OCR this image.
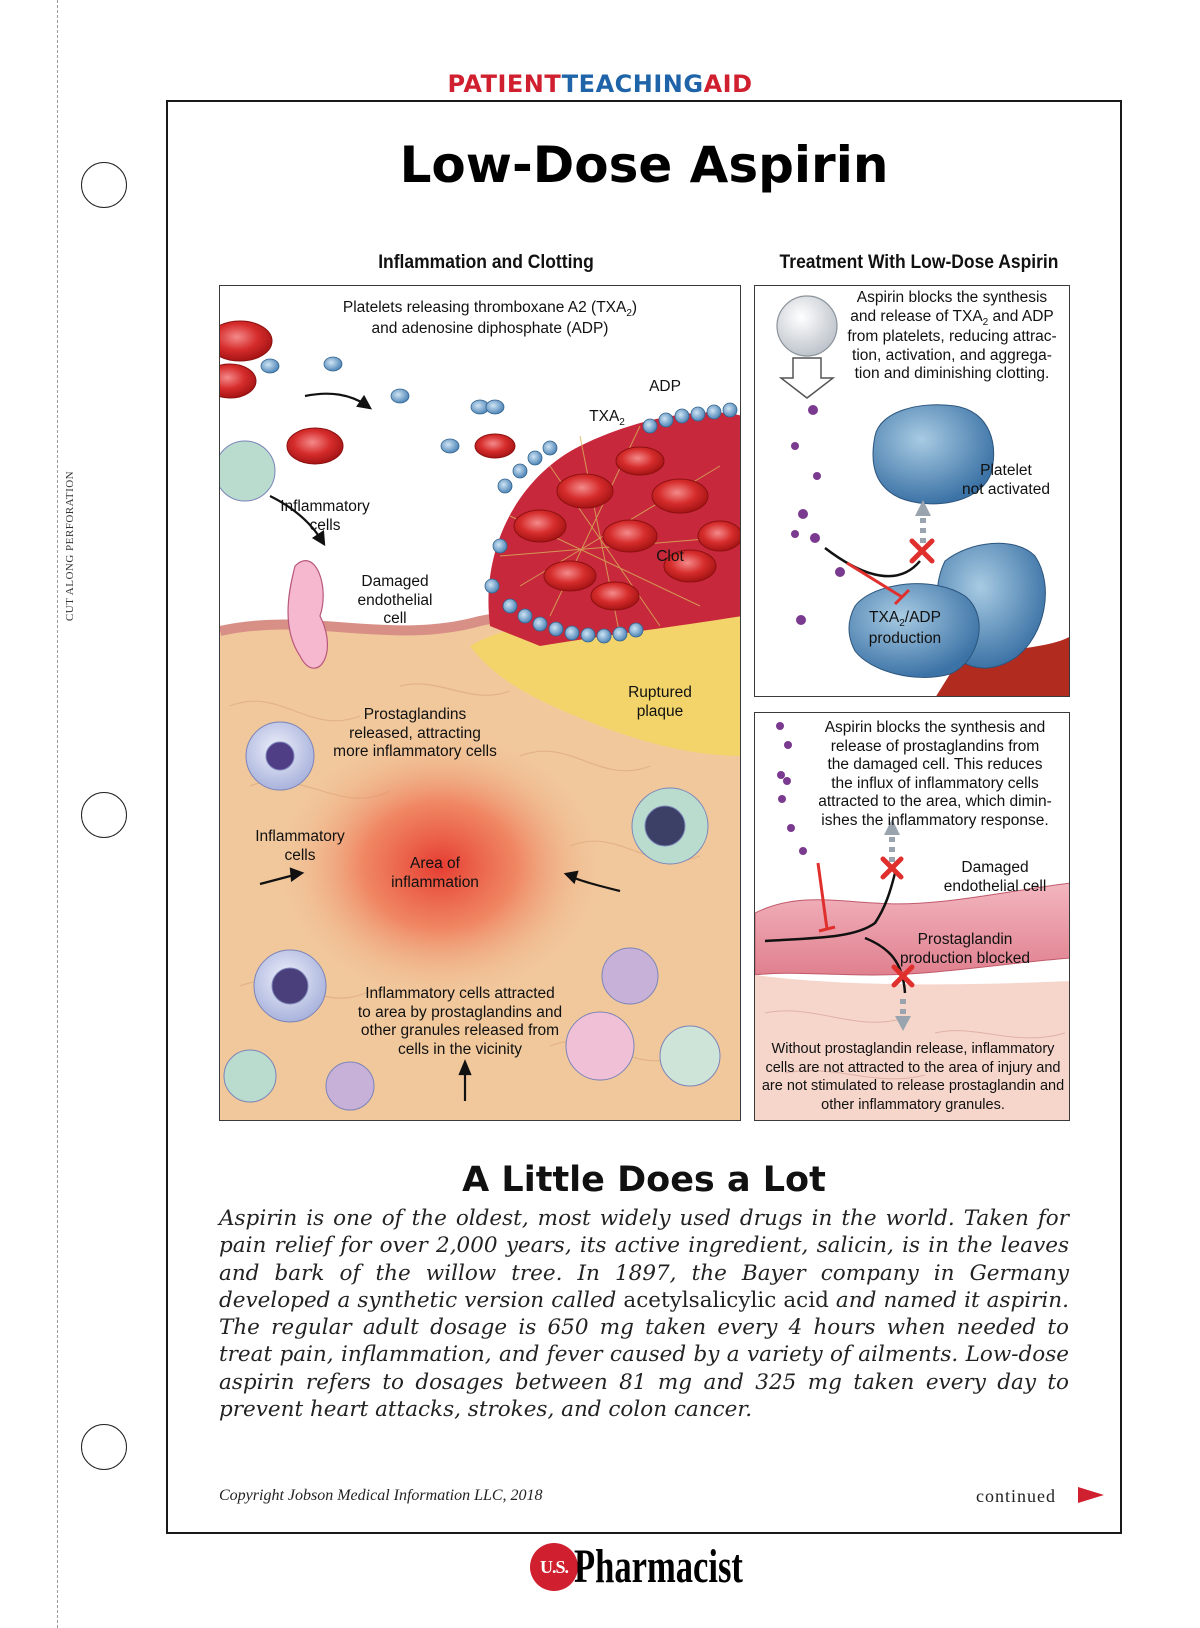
CUT ALONG PERFORATION
PATIENTTEACHINGAID
Low-Dose Aspirin
Inflammation and Clotting	Treatment With Low-Dose Aspirin
Platelets releasing thromboxane A2 $(TXA_2)$
and adenosine diphosphate (ADP)
ADP
$TXA_2$
Inflammatory
cells
Damaged
endothelial
cell
Clot
Ruptured
plaque
Prostaglandins
released, attracting
more inflammatory cells
Inflammatory
cells	Area of
inflammation
Inflammatory cells attracted
to area by prostaglandins and
other granules released from
cells in the vicinity
Aspirin blocks the synthesis
and release of $TXA_2$ and ADP
from platelets, reducing attrac-
tion, activation, and aggrega-
tion and diminishing clotting.
Platelet
not activated
$TXA_2$/ADP
production
Aspirin blocks the synthesis and
release of prostaglandins from
the damaged cell. This reduces
the influx of inflammatory cells
attracted to the area, which dimin-
ishes the inflammatory response.
Damaged
endothelial cell
Prostaglandin
production blocked
Without prostaglandin release, inflammatory
cells are not attracted to the area of injury and
are not stimulated to release prostaglandin and
other inflammatory granules.
A Little Does a Lot
Aspirin is one of the oldest, most widely used drugs in the world. Taken for pain relief for over 2,000 years, its active ingredient, salicin, is in the leaves and bark of the willow tree. In 1897, the Bayer company in Germany developed a synthetic version called acetylsalicylic acid and named it aspirin. The regular adult dosage is 650 mg taken every 4 hours when needed to treat pain, inflammation, and fever caused by a variety of ailments. Low-dose aspirin refers to dosages between 81 mg and 325 mg taken every day to prevent heart attacks, strokes, and colon cancer.
Copyright Jobson Medical Information LLC, 2018	continued
U.S. Pharmacist
